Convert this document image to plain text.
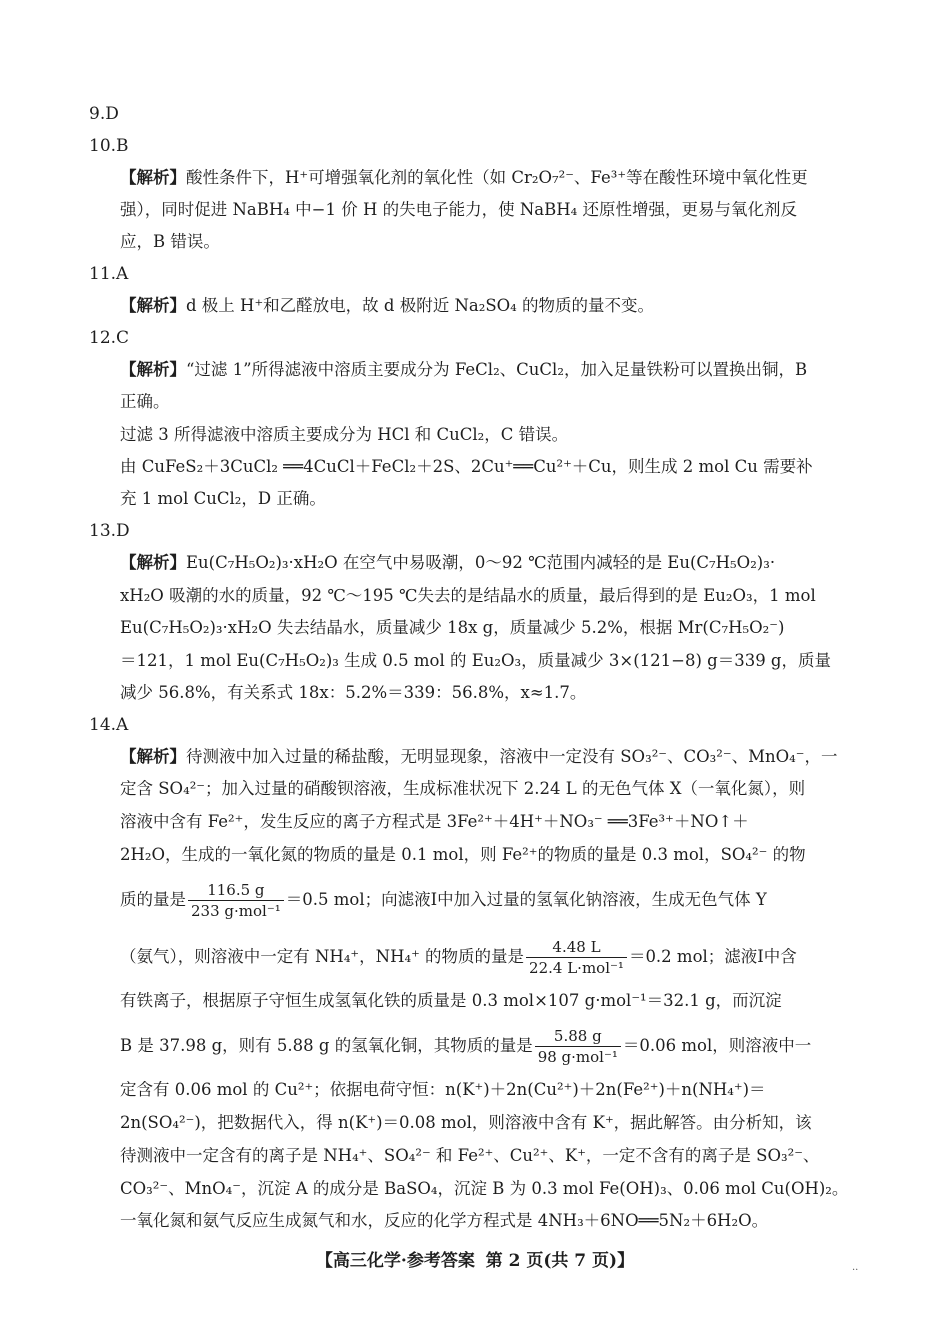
9.D
10.B
【解析】酸性条件下，H⁺可增强氧化剂的氧化性（如 Cr₂O₇²⁻、Fe³⁺等在酸性环境中氧化性更
强），同时促进 NaBH₄ 中−1 价 H 的失电子能力，使 NaBH₄ 还原性增强，更易与氧化剂反
应，B 错误。
11.A
【解析】d 极上 H⁺和乙醛放电，故 d 极附近 Na₂SO₄ 的物质的量不变。
12.C
【解析】“过滤 1”所得滤液中溶质主要成分为 FeCl₂、CuCl₂，加入足量铁粉可以置换出铜，B
正确。
过滤 3 所得滤液中溶质主要成分为 HCl 和 CuCl₂，C 错误。
由 CuFeS₂＋3CuCl₂ ══4CuCl＋FeCl₂＋2S、2Cu⁺══Cu²⁺＋Cu，则生成 2 mol Cu 需要补
充 1 mol CuCl₂，D 正确。
13.D
【解析】Eu(C₇H₅O₂)₃·xH₂O 在空气中易吸潮，0～92 ℃范围内减轻的是 Eu(C₇H₅O₂)₃·
xH₂O 吸潮的水的质量，92 ℃～195 ℃失去的是结晶水的质量，最后得到的是 Eu₂O₃，1 mol
Eu(C₇H₅O₂)₃·xH₂O 失去结晶水，质量减少 18x g，质量减少 5.2%，根据 Mr(C₇H₅O₂⁻)
＝121，1 mol Eu(C₇H₅O₂)₃ 生成 0.5 mol 的 Eu₂O₃，质量减少 3×(121−8) g＝339 g，质量
减少 56.8%，有关系式 18x：5.2%＝339：56.8%，x≈1.7。
14.A
【解析】待测液中加入过量的稀盐酸，无明显现象，溶液中一定没有 SO₃²⁻、CO₃²⁻、MnO₄⁻，一
定含 SO₄²⁻；加入过量的硝酸钡溶液，生成标准状况下 2.24 L 的无色气体 X（一氧化氮），则
溶液中含有 Fe²⁺，发生反应的离子方程式是 3Fe²⁺＋4H⁺＋NO₃⁻ ══3Fe³⁺＋NO↑＋
2H₂O，生成的一氧化氮的物质的量是 0.1 mol，则 Fe²⁺的物质的量是 0.3 mol，SO₄²⁻ 的物
质的量是 $\frac{116.5 g}{\text{233 g·mol⁻¹}} =0.5$ mol；向滤液Ⅰ中加入过量的氢氧化钠溶液，生成无色气体 Y
（氨气），则溶液中一定有 NH₄⁺，NH₄⁺ 的物质的量是 $\frac{4.48 L}{\text{22.4 L·mol⁻¹}} =0.2$ mol；滤液Ⅰ中含
有铁离子，根据原子守恒生成氢氧化铁的质量是 0.3 mol×107 g·mol⁻¹＝32.1 g，而沉淀
B 是 37.98 g，则有 5.88 g 的氢氧化铜，其物质的量是 $\frac{5.88 g}{\text{98 g·mol⁻¹}} =0.06$ mol，则溶液中一
定含有 0.06 mol 的 Cu²⁺；依据电荷守恒：n(K⁺)＋2n(Cu²⁺)＋2n(Fe²⁺)＋n(NH₄⁺)＝
2n(SO₄²⁻)，把数据代入，得 n(K⁺)＝0.08 mol，则溶液中含有 K⁺，据此解答。由分析知，该
待测液中一定含有的离子是 NH₄⁺、SO₄²⁻ 和 Fe²⁺、Cu²⁺、K⁺，一定不含有的离子是 SO₃²⁻、
CO₃²⁻、MnO₄⁻，沉淀 A 的成分是 BaSO₄，沉淀 B 为 0.3 mol Fe(OH)₃、0.06 mol Cu(OH)₂。
一氧化氮和氨气反应生成氮气和水，反应的化学方程式是 4NH₃＋6NO══5N₂＋6H₂O。
【高三化学·参考答案 第 2 页(共 7 页)】	..
